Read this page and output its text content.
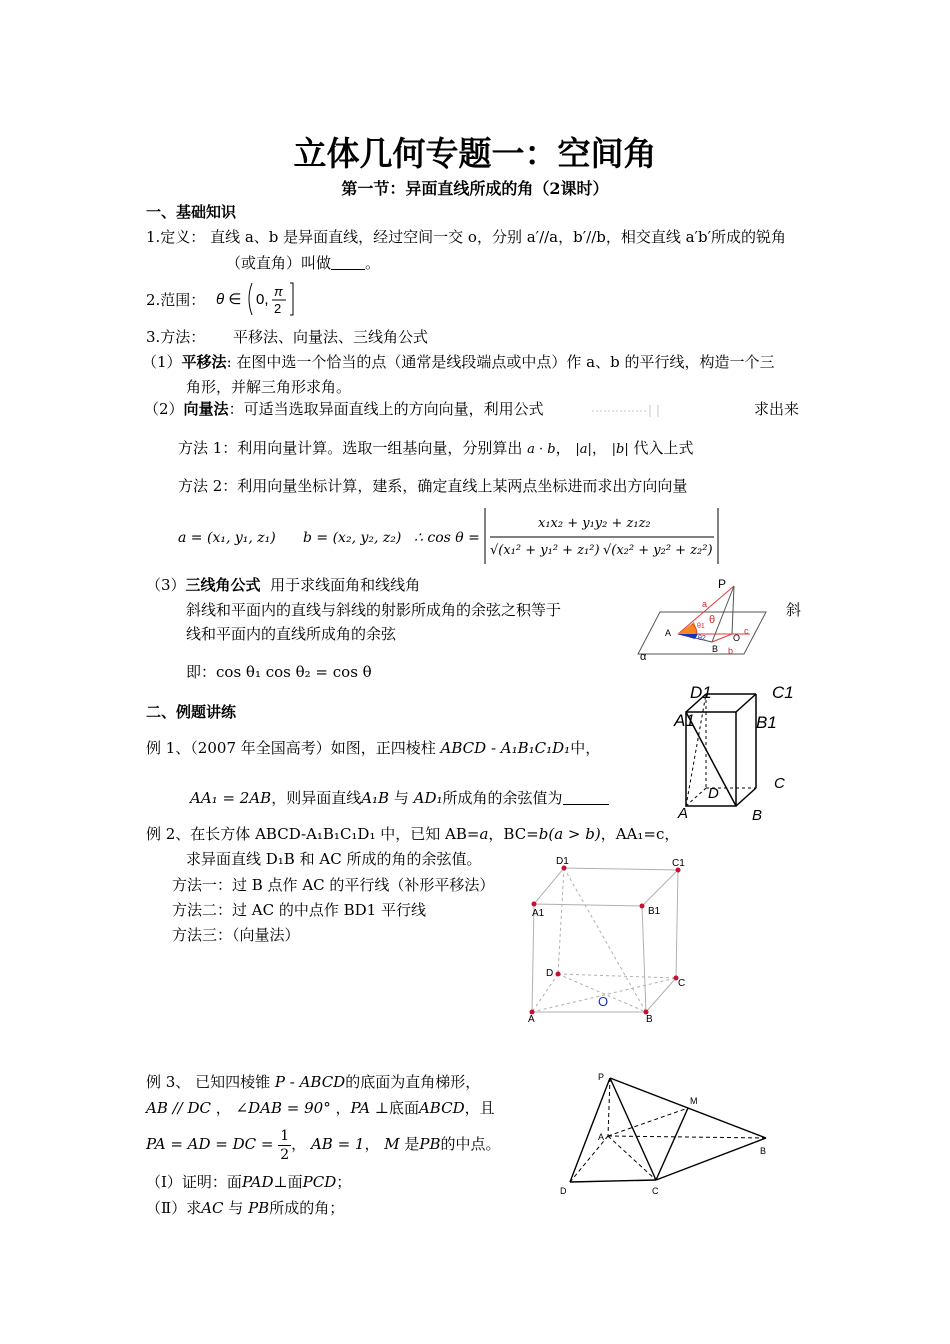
立体几何专题一：空间角
第一节：异面直线所成的角（2课时）
一、基础知识
1.定义： 直线 a、b 是异面直线，经过空间一交 o，分别 a′//a，b′//b，相交直线 a′b′所成的锐角
（或直角）叫做 。
2.范围： θ ∈ 0, π
2
3.方法： 平移法、向量法、三线角公式
（1）平移法: 在图中选一个恰当的点（通常是线段端点或中点）作 a、b 的平行线，构造一个三
角形，并解三角形求角。
（2）向量法：可适当选取异面直线上的方向向量，利用公式	求出来
方法 1：利用向量计算。选取一组基向量，分别算出 a · b， |a|， |b| 代入上式
方法 2：利用向量坐标计算，建系，确定直线上某两点坐标进而求出方向向量
a = (x₁, y₁, z₁) b = (x₂, y₂, z₂) ∴ cos θ =
x₁x₂ + y₁y₂ + z₁z₂
√(x₁² + y₁² + z₁²) √(x₂² + y₂² + z₂²)
（3）三线角公式 用于求线面角和线线角
斜线和平面内的直线与斜线的射影所成角的余弦之积等于	斜
线和平面内的直线所成角的余弦
即：cos θ₁ cos θ₂ = cos θ
P
a
θ
θ1
θ2
A	O
c
B b
α
二、例题讲练
例 1、（2007 年全国高考）如图，正四棱柱 ABCD - A₁B₁C₁D₁中，
AA₁ = 2AB，则异面直线A₁B 与 AD₁所成角的余弦值为
D1	C1
A1	B1
C
D
A	B
例 2、在长方体 ABCD-A₁B₁C₁D₁ 中，已知 AB=a，BC=b(a > b)，AA₁=c，
求异面直线 D₁B 和 AC 所成的角的余弦值。
方法一：过 B 点作 AC 的平行线（补形平移法）
方法二：过 AC 的中点作 BD1 平行线
方法三：（向量法）
D1	C1
A1	B1
D
C
A	B
O
例 3、 已知四棱锥 P - ABCD的底面为直角梯形，
AB // DC ， ∠DAB = 90° ，PA ⊥底面ABCD，且
PA = AD = DC = $\frac{1}{2}$ ， AB = 1， M 是PB的中点。
（Ⅰ）证明：面PAD⊥面PCD；
（Ⅱ）求AC 与 PB所成的角；
P
M
A
B
D	C
